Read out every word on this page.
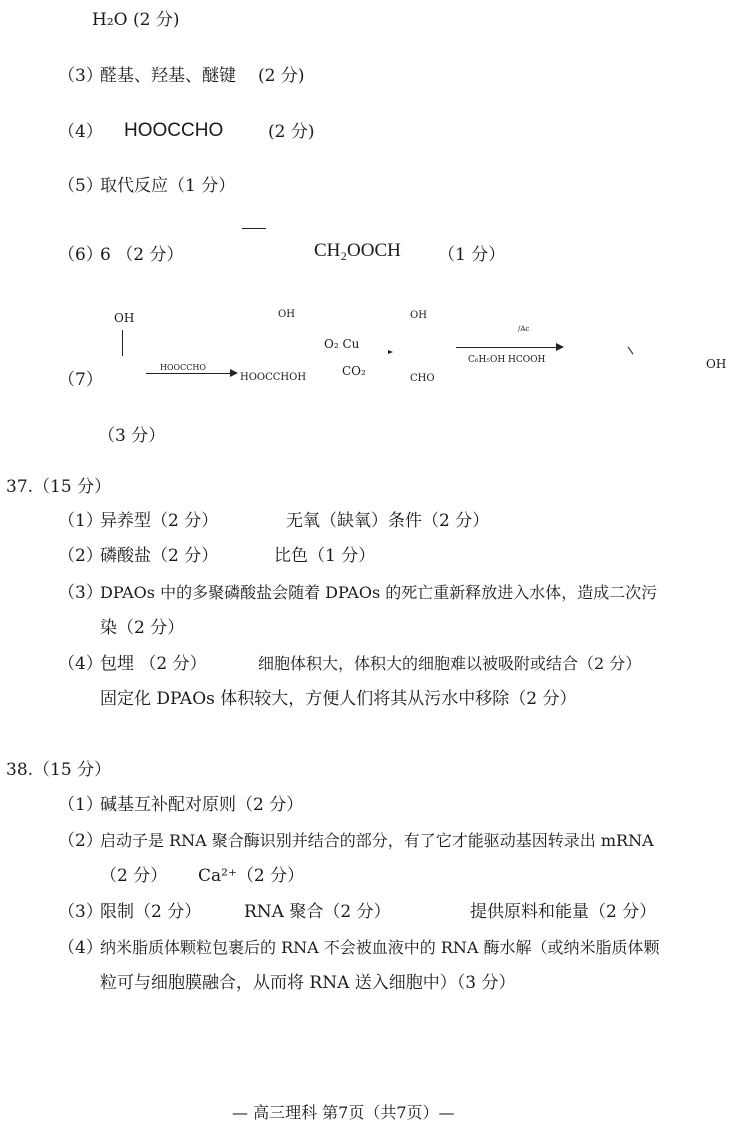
H₂O (2 分)
（3）
醛基、羟基、醚键 (2 分)
（4） HOOCCHO	(2 分)
（5）
取代反应（1 分）
（6）
6 （2 分）	CH₂OOCH （1 分）
OH	OH	OH
（7）
HOOCCHO
HOOCCHOH
O₂ Cu
CO₂
CHO
/Ac
C₆H₅OH HCOOH	OH
（3 分）
37.（15 分）
（1）
异养型（2 分）	无氧（缺氧）条件（2 分）
（2）
磷酸盐（2 分）	比色（1 分）
（3）
DPAOs 中的多聚磷酸盐会随着 DPAOs 的死亡重新释放进入水体，造成二次污
染（2 分）
（4）
包埋 （2 分）	细胞体积大，体积大的细胞难以被吸附或结合（2 分）
固定化 DPAOs 体积较大，方便人们将其从污水中移除（2 分）
38.（15 分）
（1）
碱基互补配对原则（2 分）
（2）
启动子是 RNA 聚合酶识别并结合的部分，有了它才能驱动基因转录出 mRNA
（2 分） Ca²⁺（2 分）
（3）
限制（2 分）	RNA 聚合（2 分）	提供原料和能量（2 分）
（4）
纳米脂质体颗粒包裹后的 RNA 不会被血液中的 RNA 酶水解（或纳米脂质体颗
粒可与细胞膜融合，从而将 RNA 送入细胞中）（3 分）
— 高三理科 第7页（共7页）—
